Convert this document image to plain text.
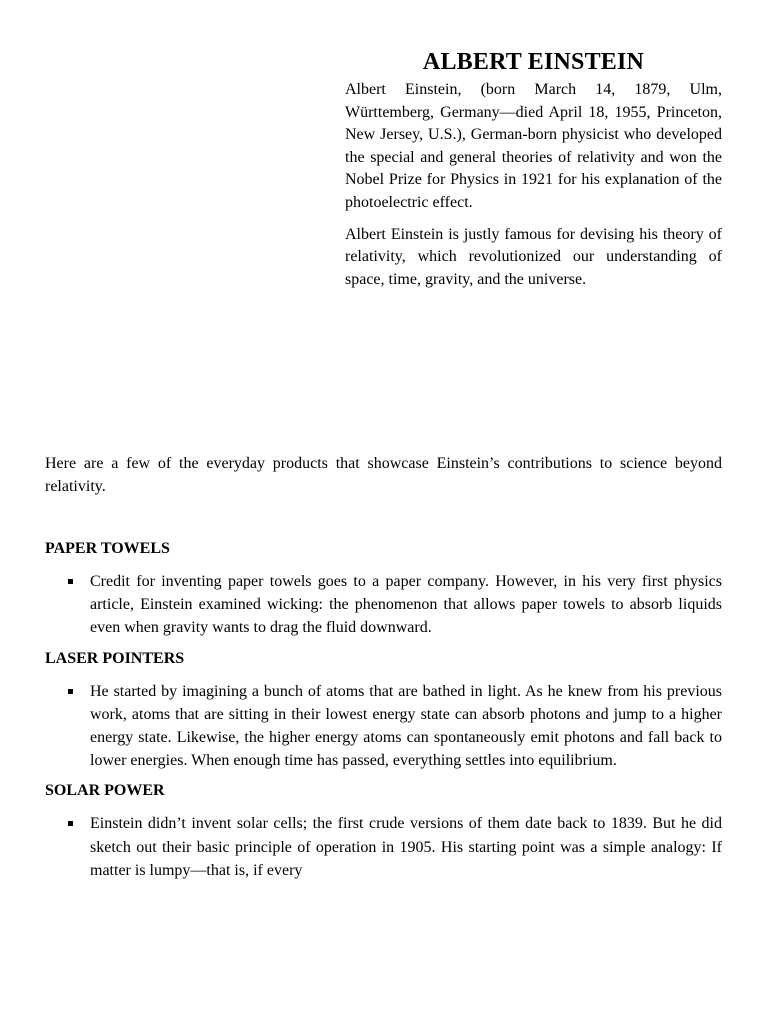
ALBERT EINSTEIN

Albert Einstein, (born March 14, 1879, Ulm, Württemberg, Germany—died April 18, 1955, Princeton, New Jersey, U.S.), German-born physicist who developed the special and general theories of relativity and won the Nobel Prize for Physics in 1921 for his explanation of the photoelectric effect.

Albert Einstein is justly famous for devising his theory of relativity, which revolutionized our understanding of space, time, gravity, and the universe.

Here are a few of the everyday products that showcase Einstein’s contributions to science beyond relativity.

PAPER TOWELS
Credit for inventing paper towels goes to a paper company. However, in his very first physics article, Einstein examined wicking: the phenomenon that allows paper towels to absorb liquids even when gravity wants to drag the fluid downward.
LASER POINTERS
He started by imagining a bunch of atoms that are bathed in light. As he knew from his previous work, atoms that are sitting in their lowest energy state can absorb photons and jump to a higher energy state. Likewise, the higher energy atoms can spontaneously emit photons and fall back to lower energies. When enough time has passed, everything settles into equilibrium.
SOLAR POWER
Einstein didn’t invent solar cells; the first crude versions of them date back to 1839. But he did sketch out their basic principle of operation in 1905. His starting point was a simple analogy: If matter is lumpy—that is, if every
